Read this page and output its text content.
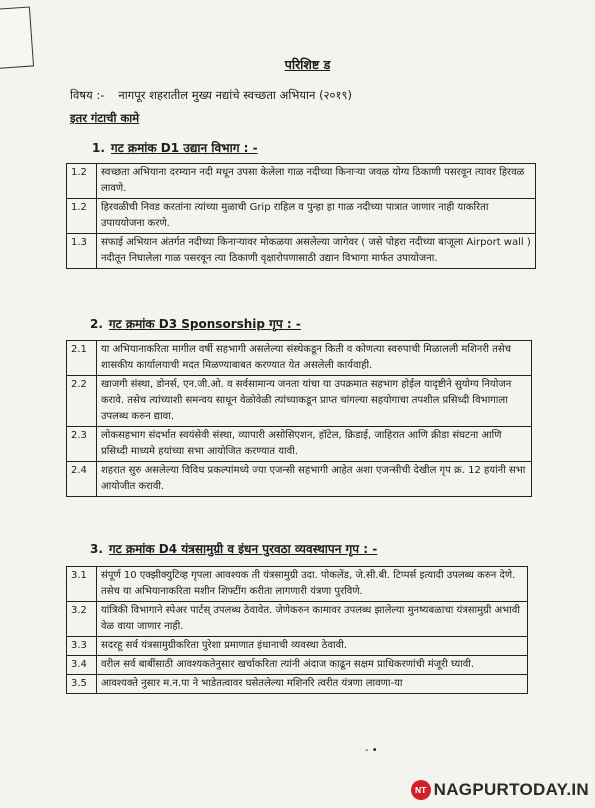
परिशिष्ट ड
विषय :- नागपूर शहरातील मुख्य नद्यांचे स्वच्छता अभियान (२०१९)
इतर गंटाची कामे
1. गट क्रमांक D1 उद्यान विभाग : -
1.2	स्वच्छता अभियाना दरम्यान नदी मधून उपसा केलेला गाळ नदीच्या किनाऱ्या जवळ योग्य ठिकाणी पसरवून त्यावर हिरवळ लावणे.
1.2	हिरवळीची निवड करतांना त्यांच्या मुळाची Grip राहिल व पुन्हा हा गाळ नदीच्या पात्रात जाणार नाही याकरिता उपाययोजना करणे.
1.3	सफाई अभियान अंतर्गत नदीच्या किनाऱ्यावर मोकळया असलेल्या जागेवर ( जसे पोहरा नदीच्या बाजूला Airport wall ) नदीतून निघालेला गाळ पसरवून त्या ठिकाणी वृक्षारोपणासाठी उद्यान विभागा मार्फत उपायोजना.
2. गट क्रमांक D3 Sponsorship गृप : -
2.1	या अभियानाकरिता मागील वर्षी सहभागी असलेल्या संस्थेकडून किती व कोणत्या स्वरुपाची मिळालली मशिनरी तसेच शासकीय कार्यालयाची मदत मिळण्याबाबत करण्यात येत असलेली कार्यवाही.
2.2	खाजगी संस्था, डोनर्स, एन.जी.ओ. व सर्वसामान्य जनता यांचा या उपक्रमात सहभाग होईल यादृष्टीने सुयोग्य नियोजन करावे. तसेच त्यांच्याशी समन्वय साधून वेळोवेळी त्यांच्याकडून प्राप्त चांगल्या सहयोगाचा तपशील प्रसिध्दी विभागाला उपलब्ध करुन द्यावा.
2.3	लोकसहभाग संदर्भात स्वयंसेवी संस्था, व्यापारी असोसिएशन, हॉटेल, क्रिडाई, जाहिरात आणि क्रीडा संघटना आणि प्रसिध्दी माध्यमे हयांच्या सभा आयोजित करण्यात यावी.
2.4	शहरात सुरु असलेल्या विविध प्रकल्पांमध्ये ज्या एजन्सी सहभागी आहेत अशा एजन्सीची देखील गृप क्र. 12 हयांनी सभा आयोजीत करावी.
3. गट क्रमांक D4 यंत्रसामुग्री व इंधन पुरवठा व्यवस्थापन गृप : -
3.1	संपूर्ण 10 एक्झीक्युटिव्ह गृपला आवश्यक ती यंत्रसामुग्री उदा. पोकलेंड, जे.सी.बी. टिप्पर्स इत्यादी उपलब्ध करुन देणे. तसेच या अभियानाकरिता मशीन शिफ्टींग करीता लागणारी यंत्रणा पुरविणे.
3.2	यांत्रिकी विभागाने स्पेअर पार्टस् उपलब्ध ठेवावेत. जेणेकरुन कामावर उपलब्ध झालेल्या मुनष्यबळाचा यंत्रसामुग्री अभावी वेळ वाया जाणार नाही.
3.3	सदरहू सर्व यंत्रसामुग्रीकरिता पुरेशा प्रमाणात इंधानाची व्यवस्था ठेवावी.
3.4	वरील सर्व बाबींसाठी आवश्यकतेनुसार खर्चाकरिता त्यांनी अंदाज काढून सक्षम प्राधिकरणांची मंजूरी घ्यावी.
3.5	आवश्यक्ते नुसार म.न.पा ने भाडेतत्वावर घसेतलेल्या मशिनरि त्वरीत यंत्रणा लावणा-या
- •
NT NAGPURTODAY.IN
